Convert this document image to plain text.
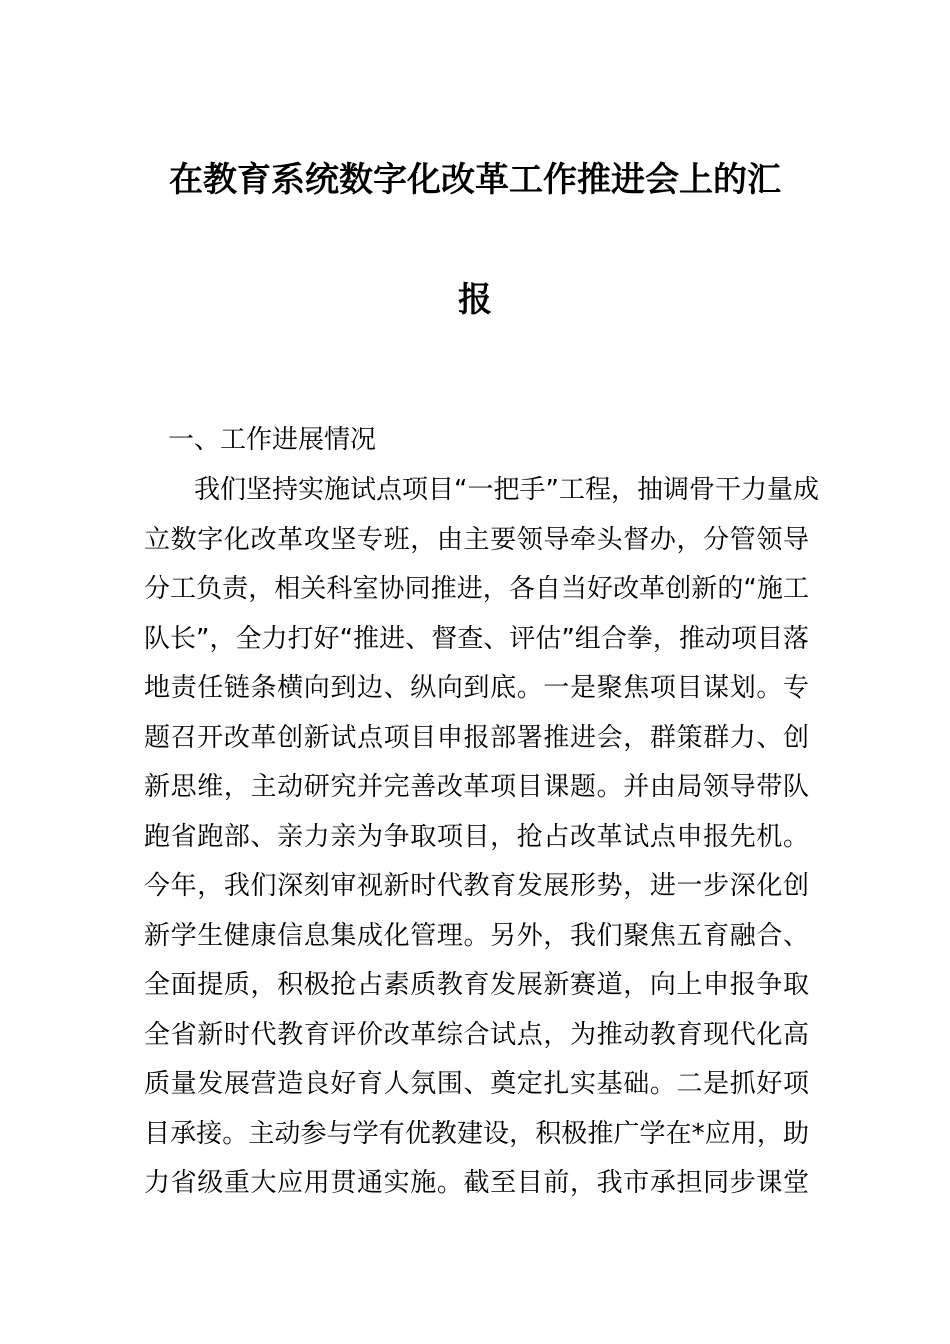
在教育系统数字化改革工作推进会上的汇
报
一、工作进展情况
我们坚持实施试点项目“一把手”工程，抽调骨干力量成
立数字化改革攻坚专班，由主要领导牵头督办，分管领导
分工负责，相关科室协同推进，各自当好改革创新的“施工
队长”，全力打好“推进、督查、评估”组合拳，推动项目落
地责任链条横向到边、纵向到底。一是聚焦项目谋划。专
题召开改革创新试点项目申报部署推进会，群策群力、创
新思维，主动研究并完善改革项目课题。并由局领导带队
跑省跑部、亲力亲为争取项目，抢占改革试点申报先机。
今年，我们深刻审视新时代教育发展形势，进一步深化创
新学生健康信息集成化管理。另外，我们聚焦五育融合、
全面提质，积极抢占素质教育发展新赛道，向上申报争取
全省新时代教育评价改革综合试点，为推动教育现代化高
质量发展营造良好育人氛围、奠定扎实基础。二是抓好项
目承接。主动参与学有优教建设，积极推广学在*应用，助
力省级重大应用贯通实施。截至目前，我市承担同步课堂
